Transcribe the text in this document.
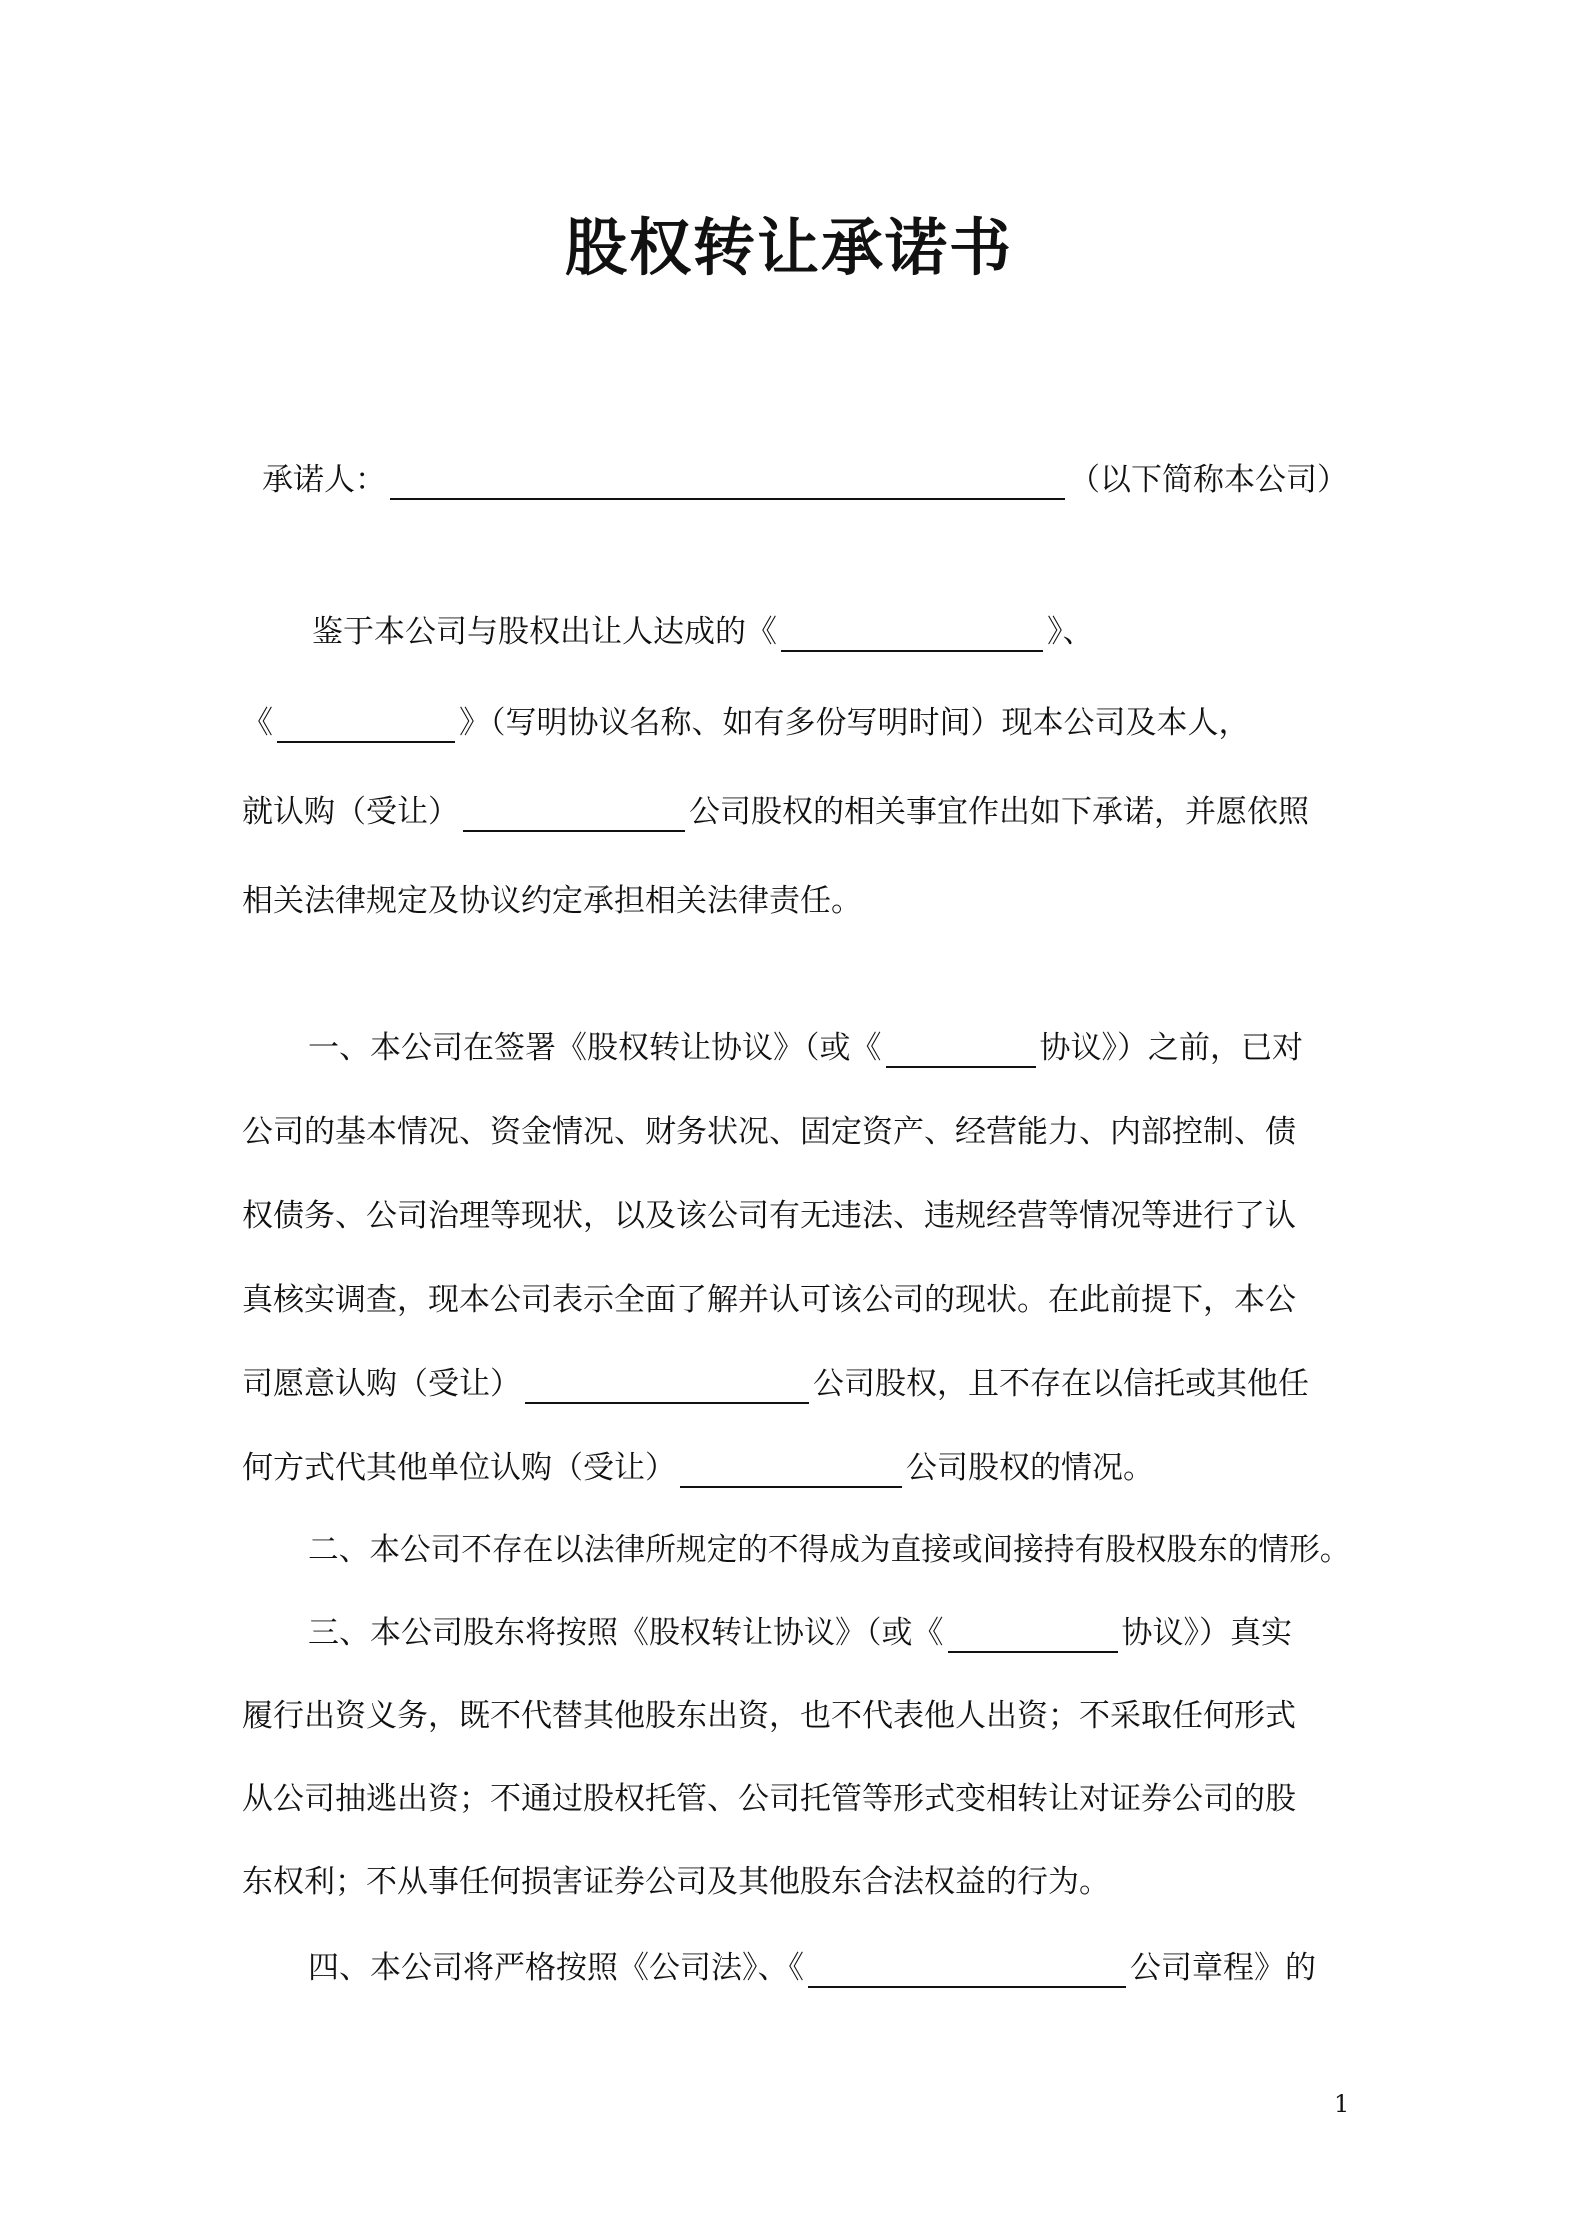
股权转让承诺书
承诺人：	（以下简称本公司）
鉴于本公司与股权出让人达成的《	》、
《	》（写明协议名称、如有多份写明时间）现本公司及本人，
就认购（受让）	公司股权的相关事宜作出如下承诺，并愿依照
相关法律规定及协议约定承担相关法律责任。
一、本公司在签署《股权转让协议》（或《	协议》）之前，已对
公司的基本情况、资金情况、财务状况、固定资产、经营能力、内部控制、债
权债务、公司治理等现状，以及该公司有无违法、违规经营等情况等进行了认
真核实调查，现本公司表示全面了解并认可该公司的现状。在此前提下，本公
司愿意认购（受让）	公司股权，且不存在以信托或其他任
何方式代其他单位认购（受让）	公司股权的情况。
二、本公司不存在以法律所规定的不得成为直接或间接持有股权股东的情形。
三、本公司股东将按照《股权转让协议》（或《	协议》）真实
履行出资义务，既不代替其他股东出资，也不代表他人出资；不采取任何形式
从公司抽逃出资；不通过股权托管、公司托管等形式变相转让对证券公司的股
东权利；不从事任何损害证券公司及其他股东合法权益的行为。
四、本公司将严格按照《公司法》、《	公司章程》的
1
